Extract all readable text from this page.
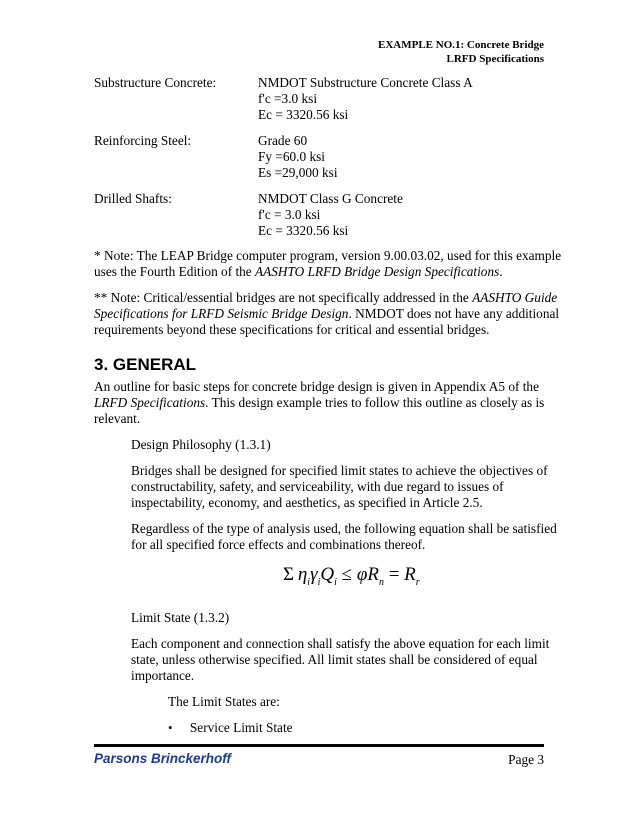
EXAMPLE NO.1: Concrete Bridge
LRFD Specifications
Substructure Concrete:	NMDOT Substructure Concrete Class A
f'c =3.0 ksi
Ec = 3320.56 ksi
Reinforcing Steel:	Grade 60
Fy =60.0 ksi
Es =29,000 ksi
Drilled Shafts:	NMDOT Class G Concrete
f'c = 3.0 ksi
Ec = 3320.56 ksi
* Note: The LEAP Bridge computer program, version 9.00.03.02, used for this example
uses the Fourth Edition of the AASHTO LRFD Bridge Design Specifications.
** Note: Critical/essential bridges are not specifically addressed in the AASHTO Guide
Specifications for LRFD Seismic Bridge Design. NMDOT does not have any additional
requirements beyond these specifications for critical and essential bridges.
3. GENERAL
An outline for basic steps for concrete bridge design is given in Appendix A5 of the
LRFD Specifications. This design example tries to follow this outline as closely as is
relevant.
Design Philosophy (1.3.1)
Bridges shall be designed for specified limit states to achieve the objectives of
constructability, safety, and serviceability, with due regard to issues of
inspectability, economy, and aesthetics, as specified in Article 2.5.
Regardless of the type of analysis used, the following equation shall be satisfied
for all specified force effects and combinations thereof.
Σ $\eta_i\gamma_iQ_i \le \varphi R_n = R_r$
Limit State (1.3.2)
Each component and connection shall satisfy the above equation for each limit
state, unless otherwise specified. All limit states shall be considered of equal
importance.
The Limit States are:
• Service Limit State
Parsons Brinckerhoff	Page 3
